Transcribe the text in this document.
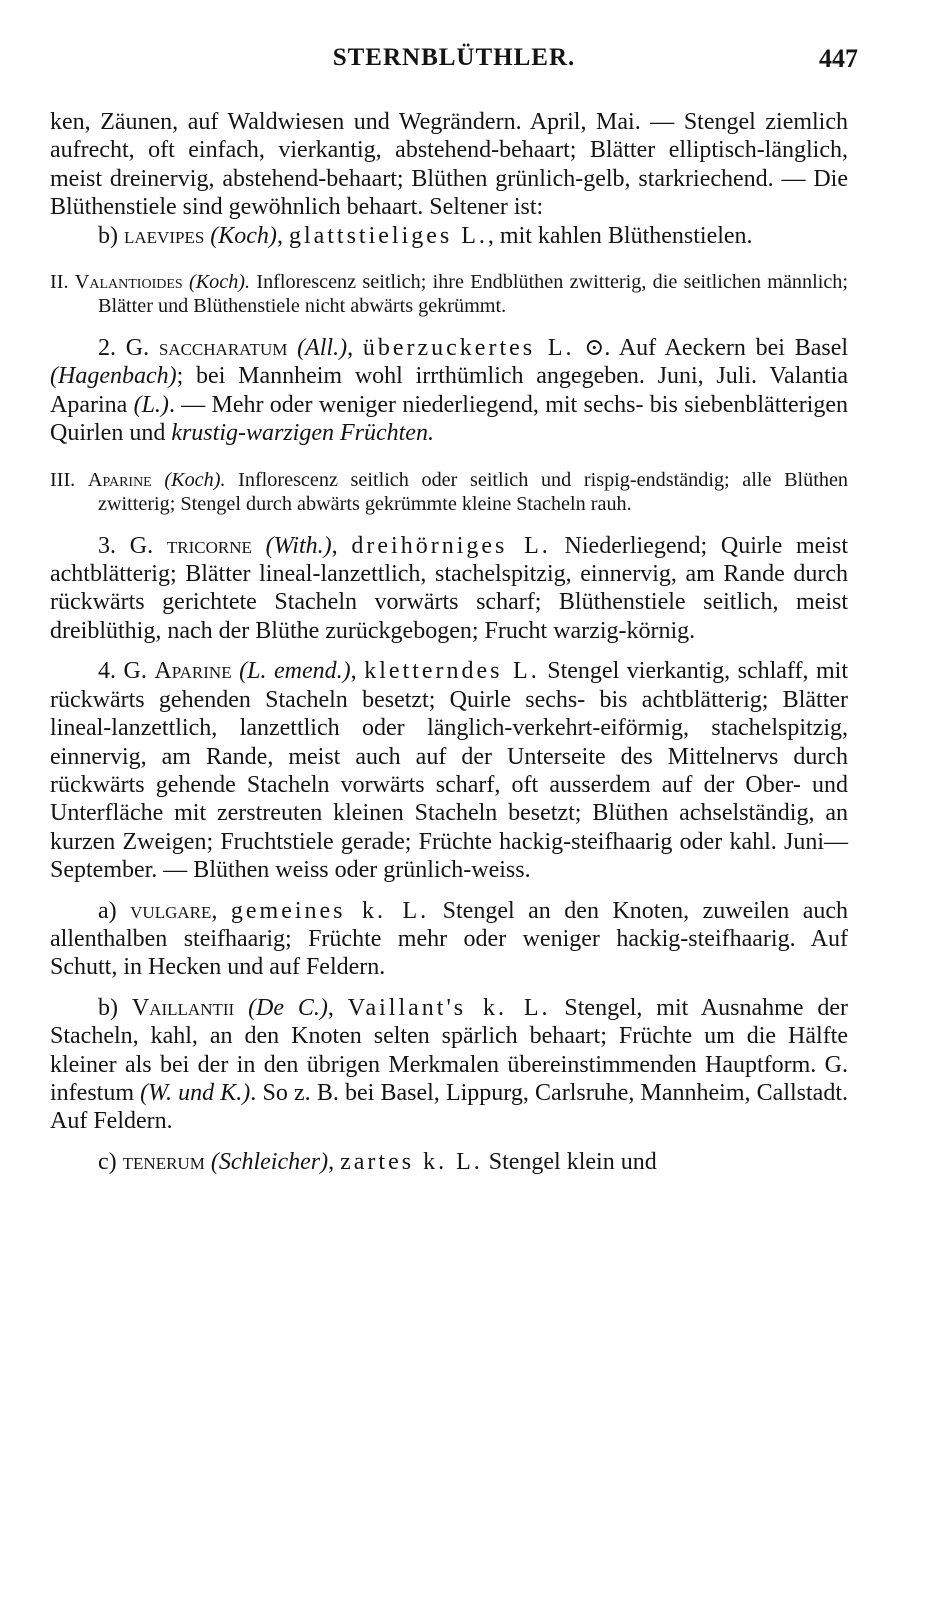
STERNBLÜTHLER.	447

ken, Zäunen, auf Waldwiesen und Wegrändern. April, Mai. — Stengel ziemlich aufrecht, oft einfach, vierkantig, abstehend-behaart; Blätter elliptisch-länglich, meist dreinervig, abstehend-behaart; Blüthen grünlich-gelb, starkriechend. — Die Blüthenstiele sind gewöhnlich behaart. Seltener ist:

b) laevipes (Koch), glattstieliges L., mit kahlen Blüthenstielen.

II. Valantioides (Koch). Inflorescenz seitlich; ihre Endblüthen zwitterig, die seitlichen männlich; Blätter und Blüthenstiele nicht abwärts gekrümmt.

2. G. saccharatum (All.), überzuckertes L. ⊙. Auf Aeckern bei Basel (Hagenbach); bei Mannheim wohl irrthümlich angegeben. Juni, Juli. Valantia Aparina (L.). — Mehr oder weniger niederliegend, mit sechs- bis siebenblätterigen Quirlen und krustig-warzigen Früchten.

III. Aparine (Koch). Inflorescenz seitlich oder seitlich und rispig-endständig; alle Blüthen zwitterig; Stengel durch abwärts gekrümmte kleine Stacheln rauh.

3. G. tricorne (With.), dreihörniges L. Niederliegend; Quirle meist achtblätterig; Blätter lineal-lanzettlich, stachelspitzig, einnervig, am Rande durch rückwärts gerichtete Stacheln vorwärts scharf; Blüthenstiele seitlich, meist dreiblüthig, nach der Blüthe zurückgebogen; Frucht warzig-körnig.

4. G. Aparine (L. emend.), kletterndes L. Stengel vierkantig, schlaff, mit rückwärts gehenden Stacheln besetzt; Quirle sechs- bis achtblätterig; Blätter lineal-lanzettlich, lanzettlich oder länglich-verkehrt-eiförmig, stachelspitzig, einnervig, am Rande, meist auch auf der Unterseite des Mittelnervs durch rückwärts gehende Stacheln vorwärts scharf, oft ausserdem auf der Ober- und Unterfläche mit zerstreuten kleinen Stacheln besetzt; Blüthen achselständig, an kurzen Zweigen; Fruchtstiele gerade; Früchte hackig-steifhaarig oder kahl. Juni—September. — Blüthen weiss oder grünlich-weiss.

a) vulgare, gemeines k. L. Stengel an den Knoten, zuweilen auch allenthalben steifhaarig; Früchte mehr oder weniger hackig-steifhaarig. Auf Schutt, in Hecken und auf Feldern.

b) Vaillantii (De C.), Vaillant's k. L. Stengel, mit Ausnahme der Stacheln, kahl, an den Knoten selten spärlich behaart; Früchte um die Hälfte kleiner als bei der in den übrigen Merkmalen übereinstimmenden Hauptform. G. infestum (W. und K.). So z. B. bei Basel, Lippurg, Carlsruhe, Mannheim, Callstadt. Auf Feldern.

c) tenerum (Schleicher), zartes k. L. Stengel klein und
